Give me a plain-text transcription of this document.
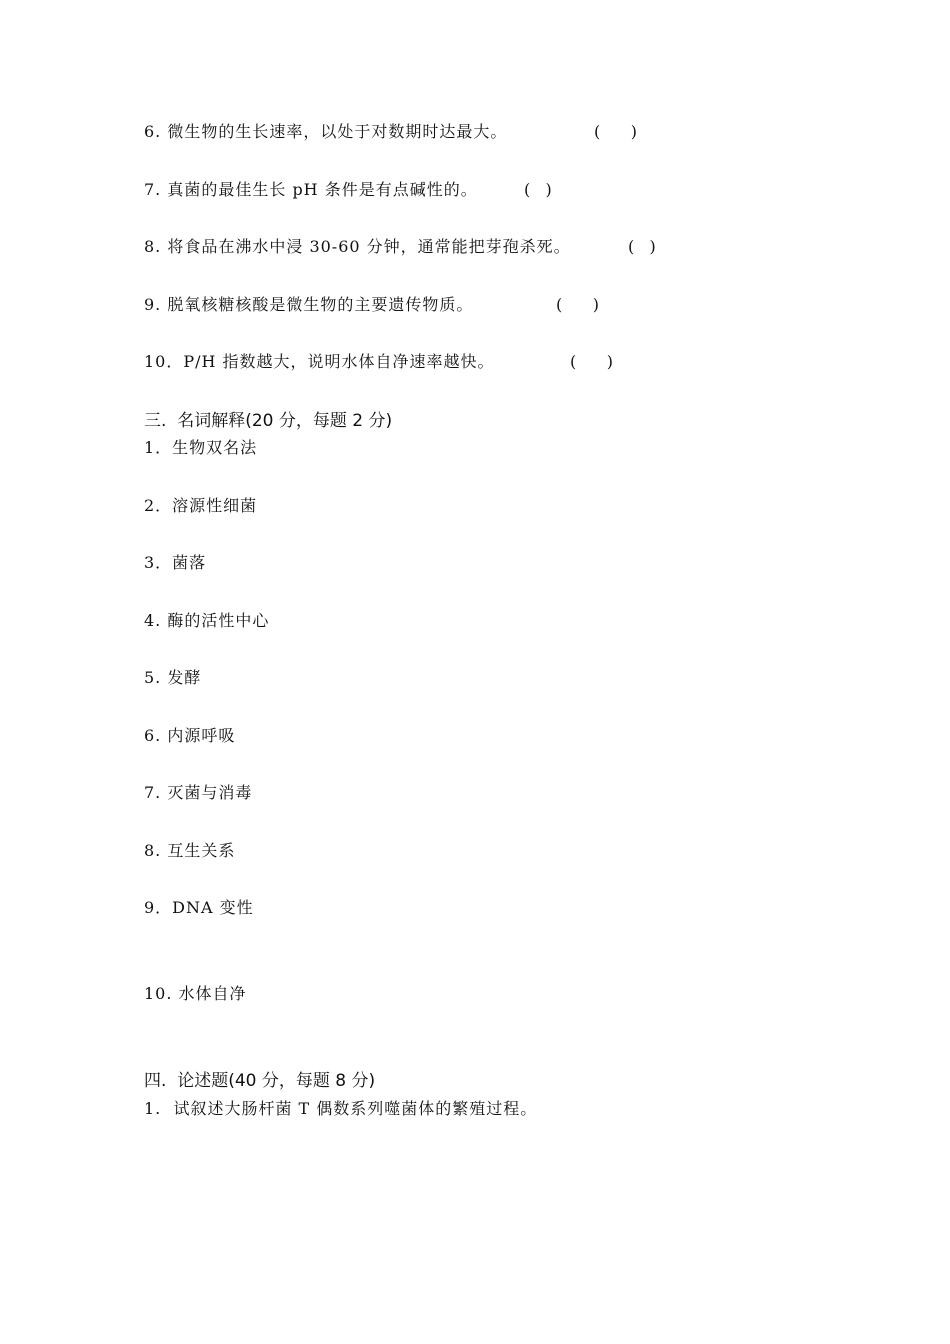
6. 微生物的生长速率，以处于对数期时达最大。	(      )
7. 真菌的最佳生长 pH 条件是有点碱性的。	(   )
8. 将食品在沸水中浸 30-60 分钟，通常能把芽孢杀死。	(   )
9. 脱氧核糖核酸是微生物的主要遗传物质。	(      )
10．P/H 指数越大，说明水体自净速率越快。	(      )
三.  名词解释(20 分，每题 2 分)
1．生物双名法
2．溶源性细菌
3．菌落
4. 酶的活性中心
5. 发酵
6. 内源呼吸
7. 灭菌与消毒
8. 互生关系
9．DNA 变性
10. 水体自净
四.  论述题(40 分，每题 8 分)
1.  试叙述大肠杆菌 T 偶数系列噬菌体的繁殖过程。
